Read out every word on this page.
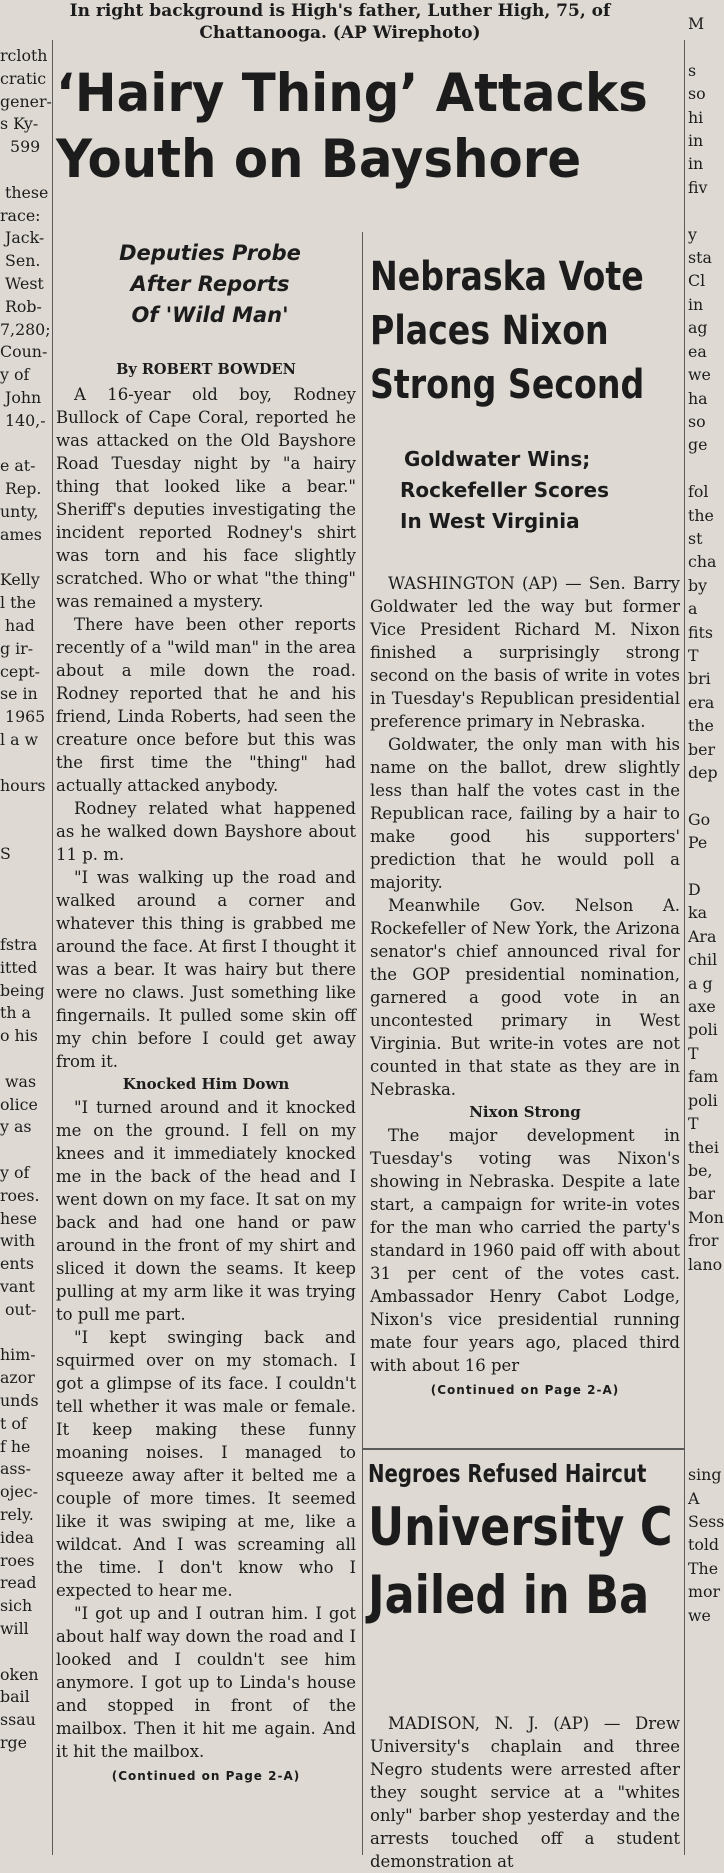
In right background is High's father, Luther High, 75, of
Chattanooga. (AP Wirephoto)
rcloth
cratic
gener-
s Ky-
599

these
race:
Jack-
Sen.
West
Rob-
7,280;
Coun-
y of
John
140,-

e at-
Rep.
unty,
ames

Kelly
l the
had
g ir-
cept-
se in
1965
l a w

hours

S

fstra
itted
being
th a
o his

was
olice
y as

y of
roes.
hese
with
ents
vant
out-

him-
azor
unds
t of
f he
ass-
ojec-
rely.
idea
roes
read
sich
will

oken
bail
ssau
rge
M

s
so
hi
in
in
fiv

y
sta
Cl
in
ag
ea
we
ha
so
ge

fol
the
st
cha
by
a
fits
T
bri
era
the
ber
dep

Go
Pe

D
ka
Ara
chil
a g
axe
poli
T
fam
poli
T
thei
be,
bar
Mon
fror
lano

sing
A
Sess
told
The
mor
we
‘Hairy Thing’ Attacks
Youth on Bayshore
Deputies Probe
After Reports
Of 'Wild Man'
By ROBERT BOWDEN

A 16-year old boy, Rodney Bullock of Cape Coral, reported he was attacked on the Old Bayshore Road Tuesday night by "a hairy thing that looked like a bear." Sheriff's deputies investigating the incident reported Rodney's shirt was torn and his face slightly scratched. Who or what "the thing" was remained a mystery.

There have been other reports recently of a "wild man" in the area about a mile down the road. Rodney reported that he and his friend, Linda Roberts, had seen the creature once before but this was the first time the "thing" had actually attacked anybody.

Rodney related what happened as he walked down Bayshore about 11 p. m.

"I was walking up the road and walked around a corner and whatever this thing is grabbed me around the face. At first I thought it was a bear. It was hairy but there were no claws. Just something like fingernails. It pulled some skin off my chin before I could get away from it.

Knocked Him Down

"I turned around and it knocked me on the ground. I fell on my knees and it immediately knocked me in the back of the head and I went down on my face. It sat on my back and had one hand or paw around in the front of my shirt and sliced it down the seams. It keep pulling at my arm like it was trying to pull me part.

"I kept swinging back and squirmed over on my stomach. I got a glimpse of its face. I couldn't tell whether it was male or female. It keep making these funny moaning noises. I managed to squeeze away after it belted me a couple of more times. It seemed like it was swiping at me, like a wildcat. And I was screaming all the time. I don't know who I expected to hear me.

"I got up and I outran him. I got about half way down the road and I looked and I couldn't see him anymore. I got up to Linda's house and stopped in front of the mailbox. Then it hit me again. And it hit the mailbox.

(Continued on Page 2-A)
Nebraska Vote
Places Nixon
Strong Second
Goldwater Wins;
Rockefeller Scores
In West Virginia

WASHINGTON (AP) — Sen. Barry Goldwater led the way but former Vice President Richard M. Nixon finished a surprisingly strong second on the basis of write in votes in Tuesday's Republican presidential preference primary in Nebraska.

Goldwater, the only man with his name on the ballot, drew slightly less than half the votes cast in the Republican race, failing by a hair to make good his supporters' prediction that he would poll a majority.

Meanwhile Gov. Nelson A. Rockefeller of New York, the Arizona senator's chief announced rival for the GOP presidential nomination, garnered a good vote in an uncontested primary in West Virginia. But write-in votes are not counted in that state as they are in Nebraska.

Nixon Strong

The major development in Tuesday's voting was Nixon's showing in Nebraska. Despite a late start, a campaign for write-in votes for the man who carried the party's standard in 1960 paid off with about 31 per cent of the votes cast. Ambassador Henry Cabot Lodge, Nixon's vice presidential running mate four years ago, placed third with about 16 per

(Continued on Page 2-A)
Negroes Refused Haircut
University C
Jailed in Ba

MADISON, N. J. (AP) — Drew University's chaplain and three Negro students were arrested after they sought service at a "whites only" barber shop yesterday and the arrests touched off a student demonstration at
